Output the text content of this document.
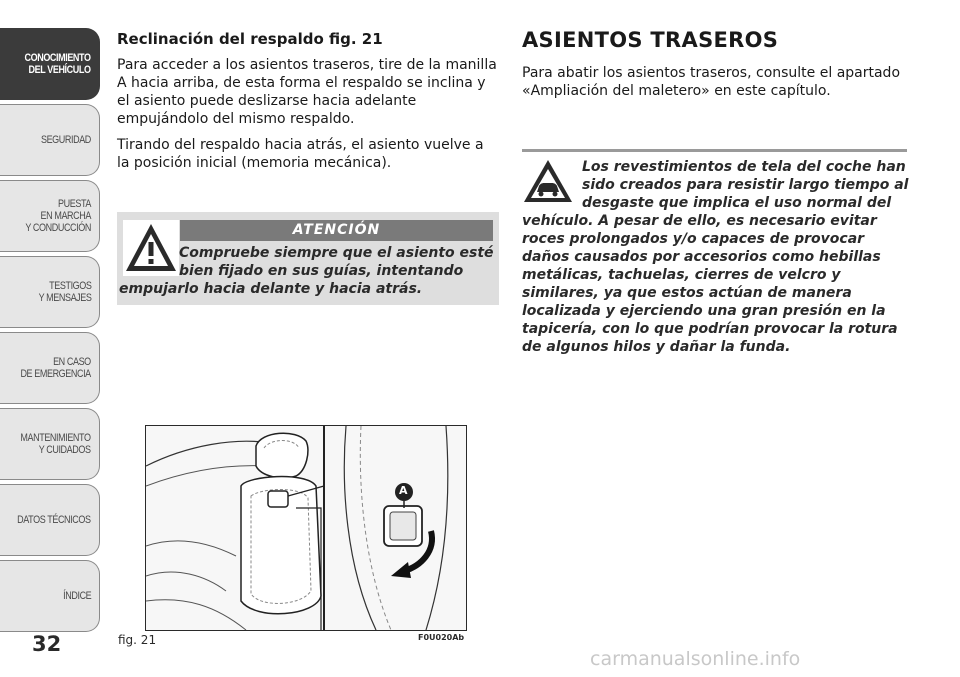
CONOCIMIENTO
DEL VEHÍCULO
SEGURIDAD
PUESTA
EN MARCHA
Y CONDUCCIÓN
TESTIGOS
Y MENSAJES
EN CASO
DE EMERGENCIA
MANTENIMIENTO
Y CUIDADOS
DATOS TÉCNICOS
ÍNDICE
32

Reclinación del respaldo fig. 21

Para acceder a los asientos traseros, tire de la manilla A hacia arriba, de esta forma el respaldo se inclina y el asiento puede deslizarse hacia adelante empujándolo del mismo respaldo.

Tirando del respaldo hacia atrás, el asiento vuelve a la posición inicial (memoria mecánica).

ATENCIÓN
Compruebe siempre que el asiento esté bien fijado en sus guías, intentando
empujarlo hacia delante y hacia atrás.
A
fig. 21	F0U020Ab
ASIENTOS TRASEROS

Para abatir los asientos traseros, consulte el apartado «Ampliación del maletero» en este capítulo.

Los revestimientos de tela del coche han sido creados para resistir largo tiempo al desgaste que implica el uso normal del
vehículo. A pesar de ello, es necesario evitar roces prolongados y/o capaces de provocar daños causados por accesorios como hebillas metálicas, tachuelas, cierres de velcro y similares, ya que estos actúan de manera localizada y ejerciendo una gran presión en la tapicería, con lo que podrían provocar la rotura de algunos hilos y dañar la funda.
carmanualsonline.info
